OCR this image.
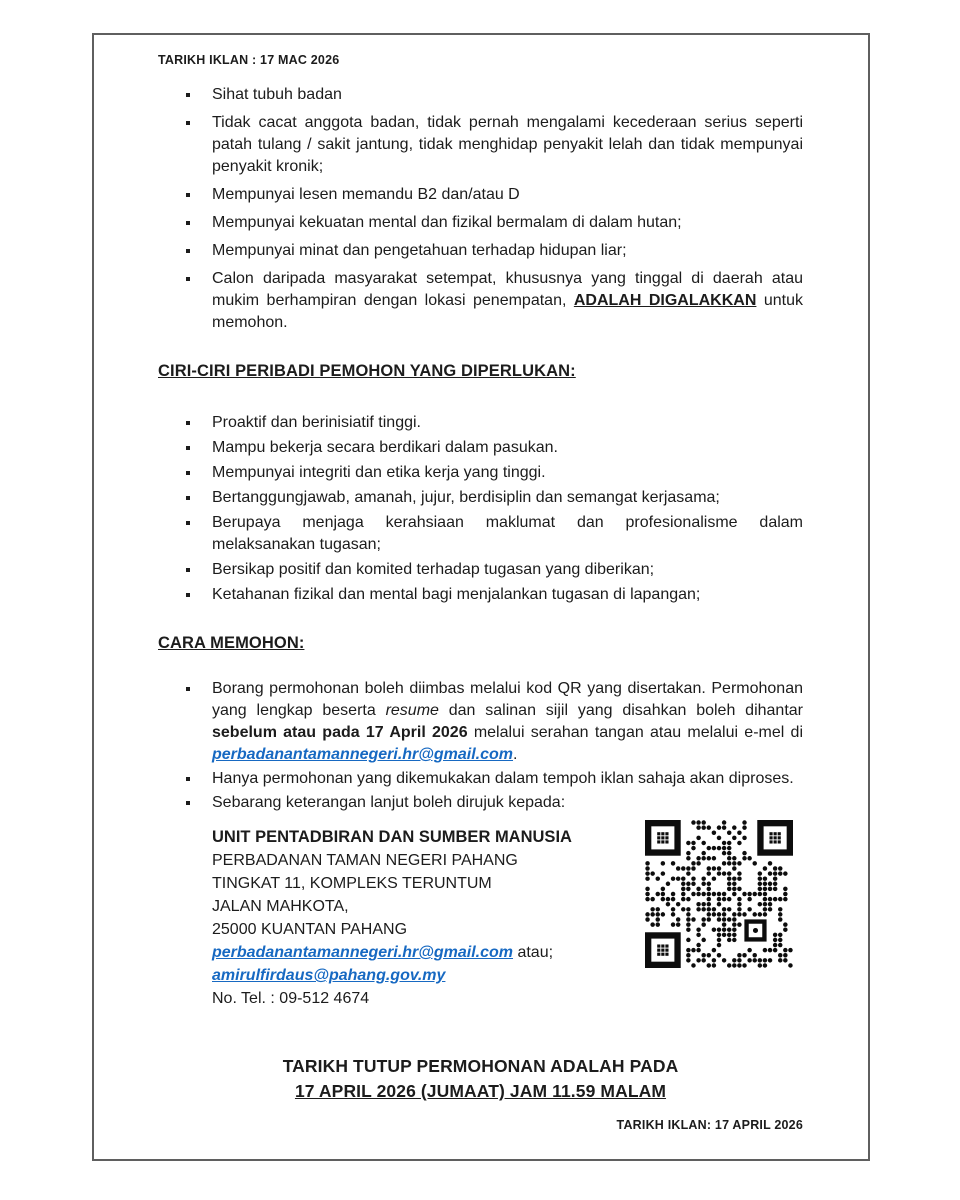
TARIKH IKLAN : 17 MAC 2026
Sihat tubuh badan
Tidak cacat anggota badan, tidak pernah mengalami kecederaan serius seperti patah tulang / sakit jantung, tidak menghidap penyakit lelah dan tidak mempunyai penyakit kronik;
Mempunyai lesen memandu B2 dan/atau D
Mempunyai kekuatan mental dan fizikal bermalam di dalam hutan;
Mempunyai minat dan pengetahuan terhadap hidupan liar;
Calon daripada masyarakat setempat, khususnya yang tinggal di daerah atau mukim berhampiran dengan lokasi penempatan, ADALAH DIGALAKKAN untuk memohon.
CIRI-CIRI PERIBADI PEMOHON YANG DIPERLUKAN:
Proaktif dan berinisiatif tinggi.
Mampu bekerja secara berdikari dalam pasukan.
Mempunyai integriti dan etika kerja yang tinggi.
Bertanggungjawab, amanah, jujur, berdisiplin dan semangat kerjasama;
Berupaya menjaga kerahsiaan maklumat dan profesionalisme dalam melaksanakan tugasan;
Bersikap positif dan komited terhadap tugasan yang diberikan;
Ketahanan fizikal dan mental bagi menjalankan tugasan di lapangan;
CARA MEMOHON:
Borang permohonan boleh diimbas melalui kod QR yang disertakan. Permohonan yang lengkap beserta resume dan salinan sijil yang disahkan boleh dihantar sebelum atau pada 17 April 2026 melalui serahan tangan atau melalui e-mel di perbadanantamannegeri.hr@gmail.com.
Hanya permohonan yang dikemukakan dalam tempoh iklan sahaja akan diproses.
Sebarang keterangan lanjut boleh dirujuk kepada:
UNIT PENTADBIRAN DAN SUMBER MANUSIA
PERBADANAN TAMAN NEGERI PAHANG
TINGKAT 11, KOMPLEKS TERUNTUM
JALAN MAHKOTA,
25000 KUANTAN PAHANG
perbadanantamannegeri.hr@gmail.com atau;
amirulfirdaus@pahang.gov.my
No. Tel. : 09-512 4674
TARIKH TUTUP PERMOHONAN ADALAH PADA
17 APRIL 2026 (JUMAAT) JAM 11.59 MALAM
TARIKH IKLAN: 17 APRIL 2026
